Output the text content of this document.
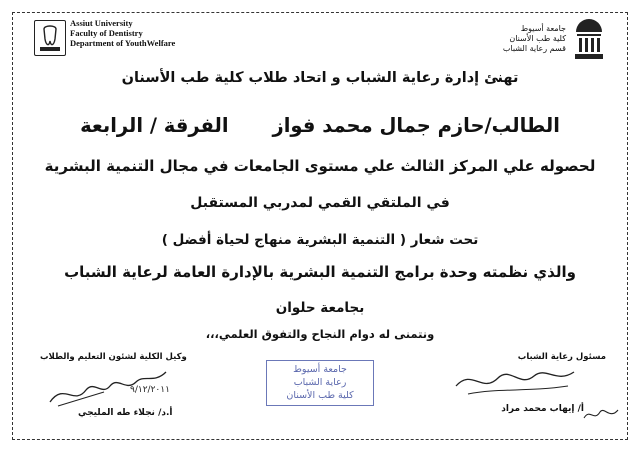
Assiut University
Faculty of Dentistry
Department of YouthWelfare
جامعة أسيوط
كلية طب الأسنان
قسم رعاية الشباب
تهنئ إدارة رعاية الشباب و اتحاد طلاب كلية طب الأسنان
الطالب/حازم جمال محمد فوازالفرقة / الرابعة
لحصوله علي المركز الثالث علي مستوى الجامعات في مجال التنمية البشرية
في الملتقي القمي لمدربي المستقبل
تحت شعار ( التنمية البشرية منهاج لحياة أفضل )
والذي نظمته وحدة برامج التنمية البشرية بالإدارة العامة لرعاية الشباب
بجامعة حلوان
ونتمنى له دوام النجاح والتفوق العلمي،،،
وكيل الكلية لشئون التعليم والطلاب	مسئول رعاية الشباب
٩/١٢/٢٠١١
أ.د/ نجلاء طه المليجي
جامعة أسيوط
رعاية الشباب
كلية طب الأسنان
أ/ إيهاب محمد مراد
